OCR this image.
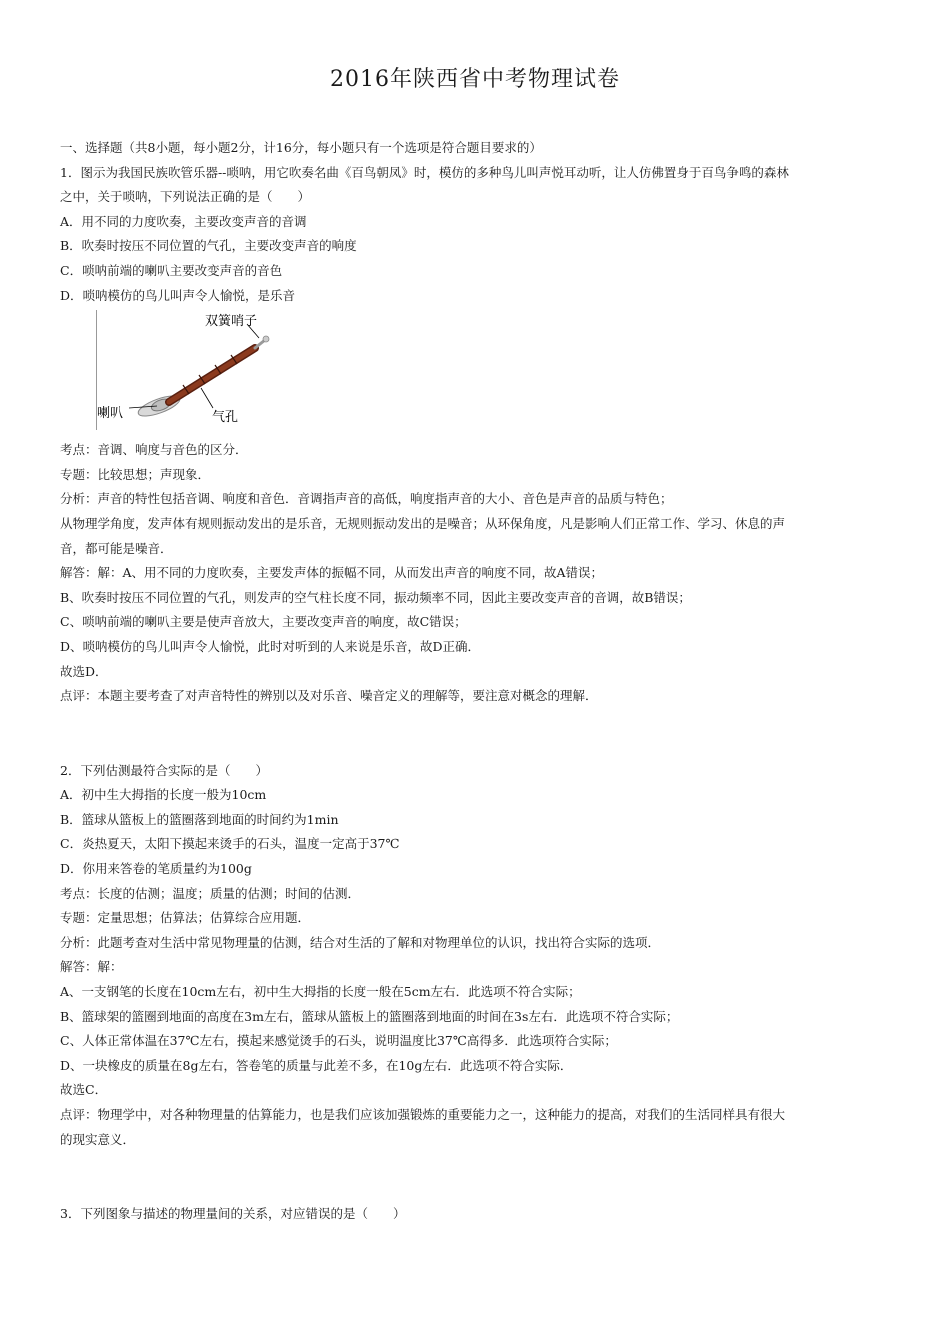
2016年陕西省中考物理试卷

一、选择题（共8小题，每小题2分，计16分，每小题只有一个选项是符合题目要求的）

1．图示为我国民族吹管乐器--唢呐，用它吹奏名曲《百鸟朝凤》时，模仿的多种鸟儿叫声悦耳动听，让人仿佛置身于百鸟争鸣的森林

之中，关于唢呐，下列说法正确的是（　　）

A．用不同的力度吹奏，主要改变声音的音调

B．吹奏时按压不同位置的气孔，主要改变声音的响度

C．唢呐前端的喇叭主要改变声音的音色

D．唢呐模仿的鸟儿叫声令人愉悦，是乐音

双簧哨子
喇叭	气孔

考点：音调、响度与音色的区分．

专题：比较思想；声现象．

分析：声音的特性包括音调、响度和音色．音调指声音的高低，响度指声音的大小、音色是声音的品质与特色；

从物理学角度，发声体有规则振动发出的是乐音，无规则振动发出的是噪音；从环保角度，凡是影响人们正常工作、学习、休息的声

音，都可能是噪音．

解答：解：A、用不同的力度吹奏，主要发声体的振幅不同，从而发出声音的响度不同，故A错误；

B、吹奏时按压不同位置的气孔，则发声的空气柱长度不同，振动频率不同，因此主要改变声音的音调，故B错误；

C、唢呐前端的喇叭主要是使声音放大，主要改变声音的响度，故C错误；

D、唢呐模仿的鸟儿叫声令人愉悦，此时对听到的人来说是乐音，故D正确．

故选D．

点评：本题主要考查了对声音特性的辨别以及对乐音、噪音定义的理解等，要注意对概念的理解．

2．下列估测最符合实际的是（　　）

A．初中生大拇指的长度一般为10cm

B．篮球从篮板上的篮圈落到地面的时间约为1min

C．炎热夏天，太阳下摸起来烫手的石头，温度一定高于37℃

D．你用来答卷的笔质量约为100g

考点：长度的估测；温度；质量的估测；时间的估测．

专题：定量思想；估算法；估算综合应用题．

分析：此题考查对生活中常见物理量的估测，结合对生活的了解和对物理单位的认识，找出符合实际的选项．

解答：解：

A、一支钢笔的长度在10cm左右，初中生大拇指的长度一般在5cm左右．此选项不符合实际；

B、篮球架的篮圈到地面的高度在3m左右，篮球从篮板上的篮圈落到地面的时间在3s左右．此选项不符合实际；

C、人体正常体温在37℃左右，摸起来感觉烫手的石头，说明温度比37℃高得多．此选项符合实际；

D、一块橡皮的质量在8g左右，答卷笔的质量与此差不多，在10g左右．此选项不符合实际．

故选C．

点评：物理学中，对各种物理量的估算能力，也是我们应该加强锻炼的重要能力之一，这种能力的提高，对我们的生活同样具有很大

的现实意义．

3．下列图象与描述的物理量间的关系，对应错误的是（　　）
